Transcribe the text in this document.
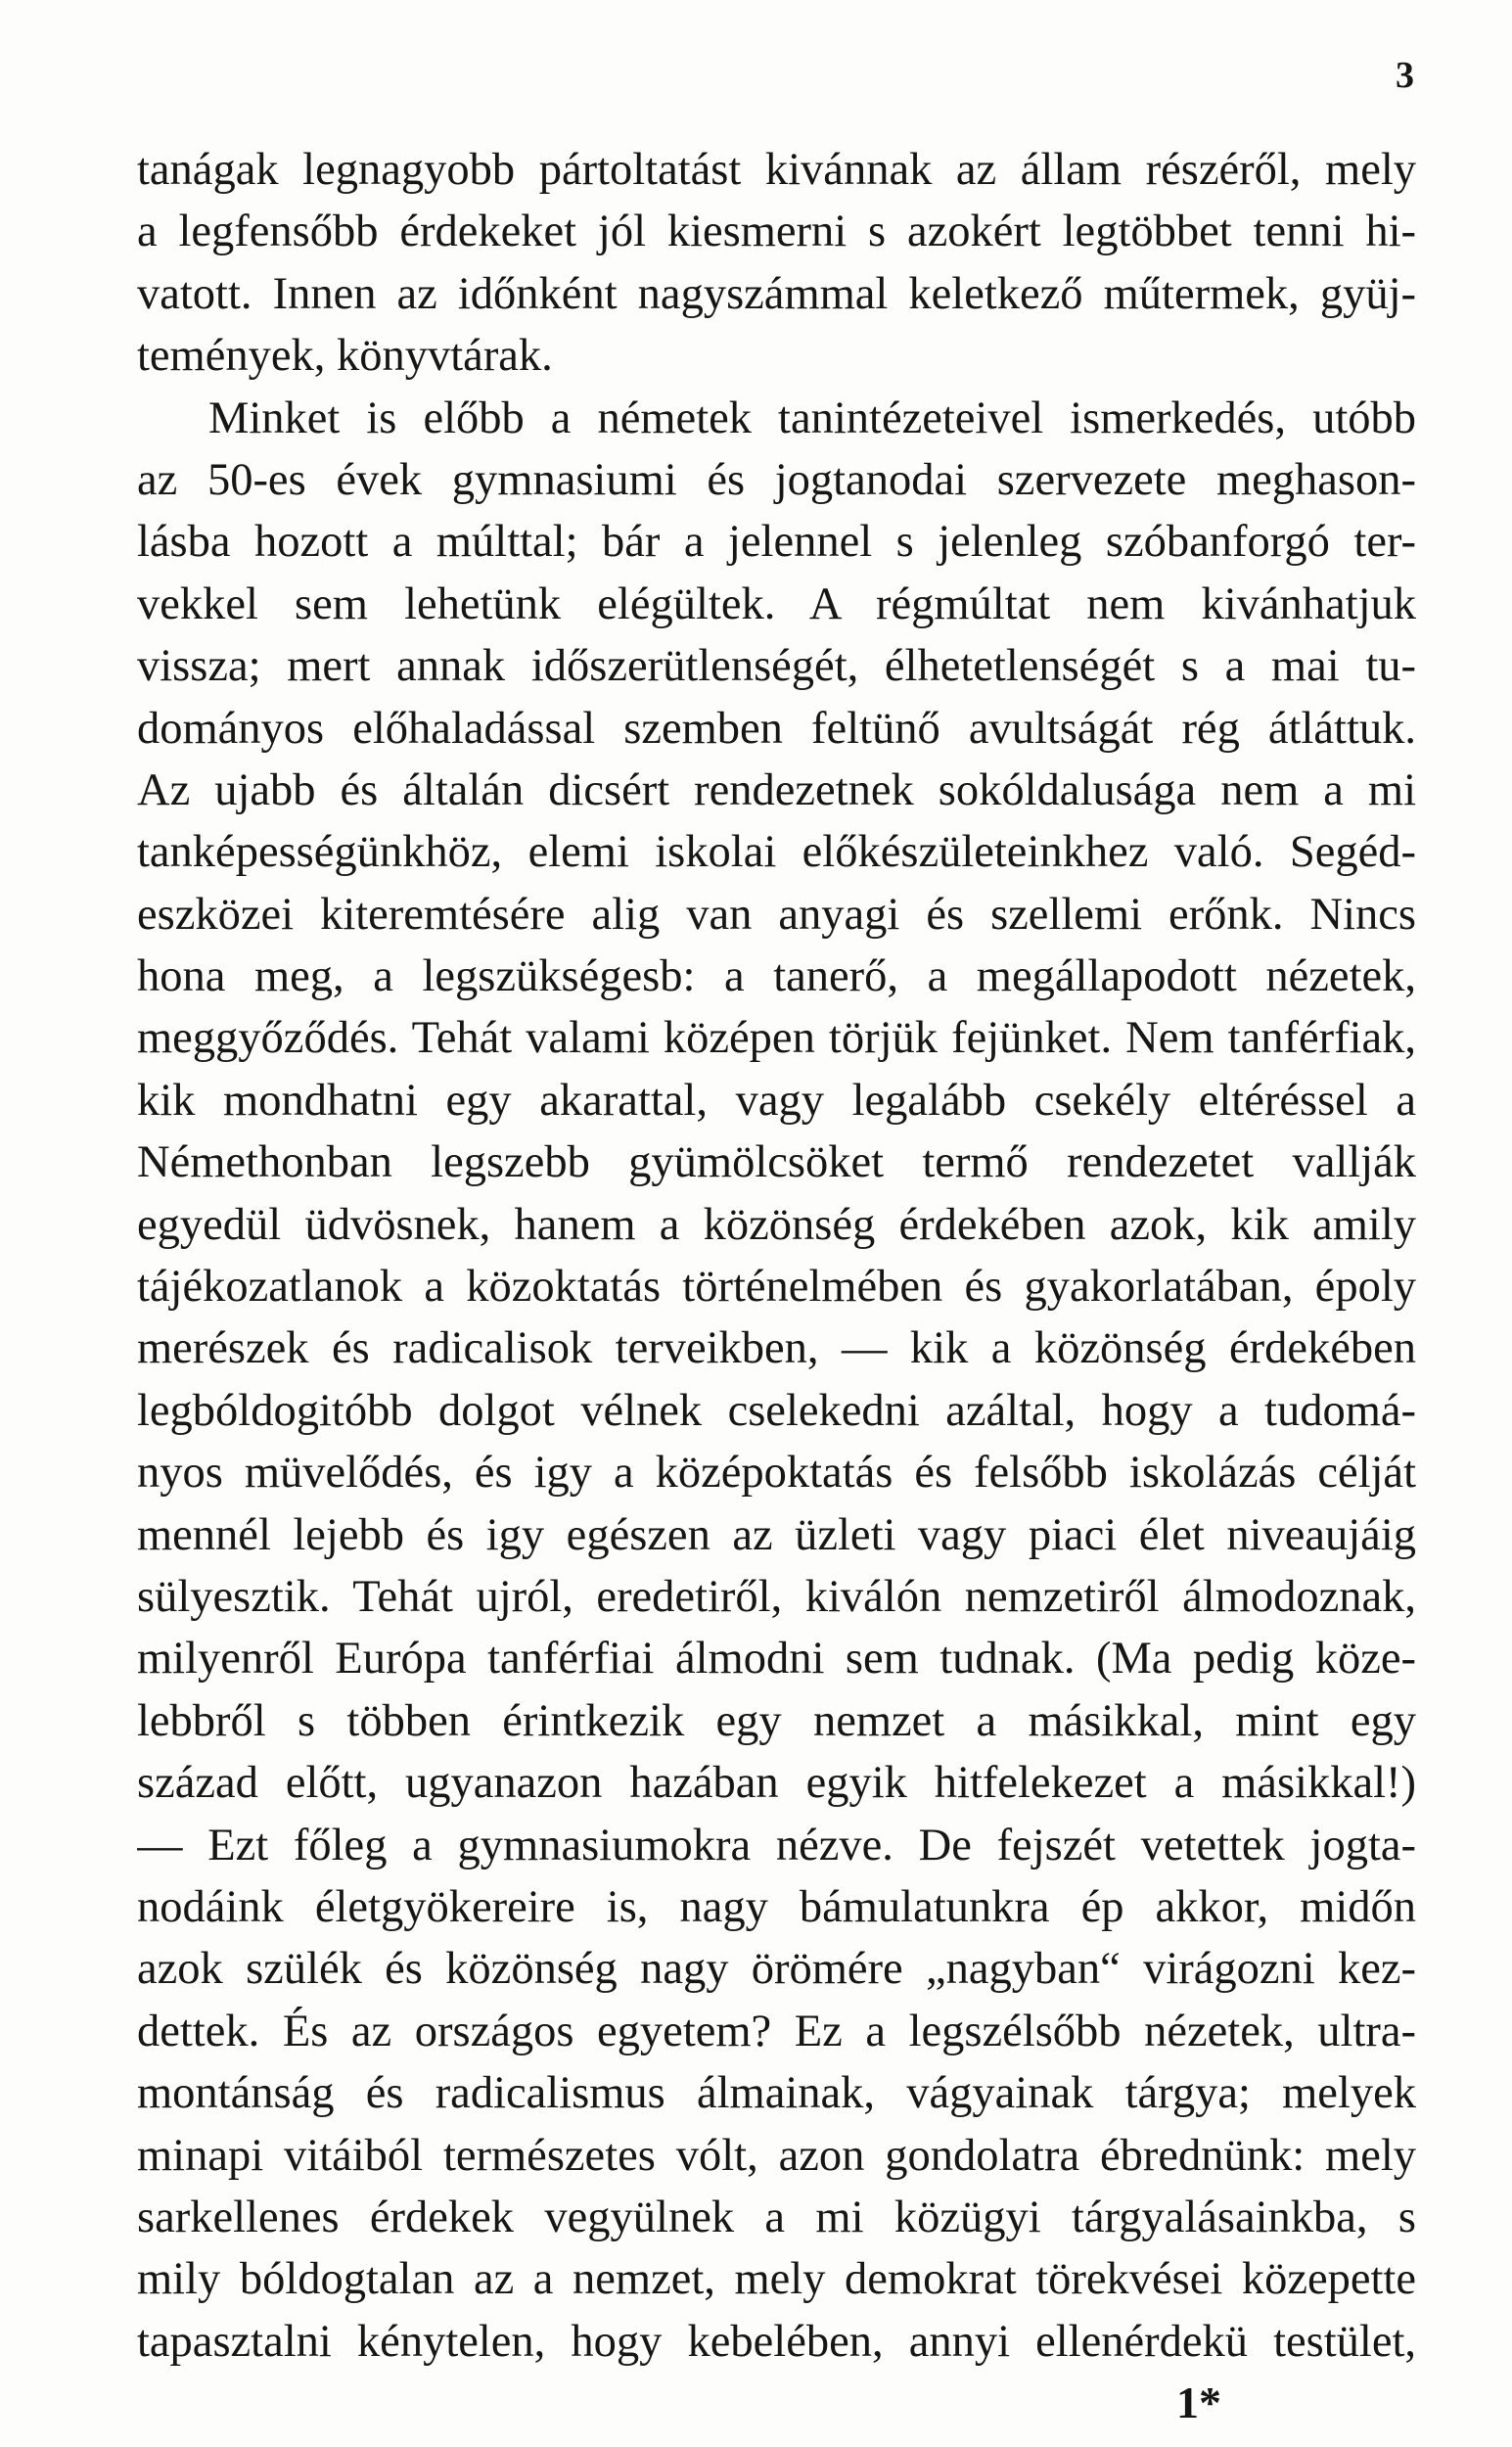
3
tanágak legnagyobb pártoltatást kivánnak az állam részéről, mely
a legfensőbb érdekeket jól kiesmerni s azokért legtöbbet tenni hi-
vatott. Innen az időnként nagyszámmal keletkező műtermek, gyüj-
temények, könyvtárak.
Minket is előbb a németek tanintézeteivel ismerkedés, utóbb
az 50-es évek gymnasiumi és jogtanodai szervezete meghason-
lásba hozott a múlttal; bár a jelennel s jelenleg szóbanforgó ter-
vekkel sem lehetünk elégültek. A régmúltat nem kivánhatjuk
vissza; mert annak időszerütlenségét, élhetetlenségét s a mai tu-
dományos előhaladással szemben feltünő avultságát rég átláttuk.
Az ujabb és általán dicsért rendezetnek sokóldalusága nem a mi
tanképességünkhöz, elemi iskolai előkészületeinkhez való. Segéd-
eszközei kiteremtésére alig van anyagi és szellemi erőnk. Nincs
hona meg, a legszükségesb: a tanerő, a megállapodott nézetek,
meggyőződés. Tehát valami középen törjük fejünket. Nem tanférfiak,
kik mondhatni egy akarattal, vagy legalább csekély eltéréssel a
Némethonban legszebb gyümölcsöket termő rendezetet vallják
egyedül üdvösnek, hanem a közönség érdekében azok, kik amily
tájékozatlanok a közoktatás történelmében és gyakorlatában, époly
merészek és radicalisok terveikben, — kik a közönség érdekében
legbóldogitóbb dolgot vélnek cselekedni azáltal, hogy a tudomá-
nyos müvelődés, és igy a középoktatás és felsőbb iskolázás célját
mennél lejebb és igy egészen az üzleti vagy piaci élet niveaujáig
sülyesztik. Tehát ujról, eredetiről, kiválón nemzetiről álmodoznak,
milyenről Európa tanférfiai álmodni sem tudnak. (Ma pedig köze-
lebbről s többen érintkezik egy nemzet a másikkal, mint egy
század előtt, ugyanazon hazában egyik hitfelekezet a másikkal!)
— Ezt főleg a gymnasiumokra nézve. De fejszét vetettek jogta-
nodáink életgyökereire is, nagy bámulatunkra ép akkor, midőn
azok szülék és közönség nagy örömére „nagyban“ virágozni kez-
dettek. És az országos egyetem? Ez a legszélsőbb nézetek, ultra-
montánság és radicalismus álmainak, vágyainak tárgya; melyek
minapi vitáiból természetes vólt, azon gondolatra ébrednünk: mely
sarkellenes érdekek vegyülnek a mi közügyi tárgyalásainkba, s
mily bóldogtalan az a nemzet, mely demokrat törekvései közepette
tapasztalni kénytelen, hogy kebelében, annyi ellenérdekü testület,
1*
